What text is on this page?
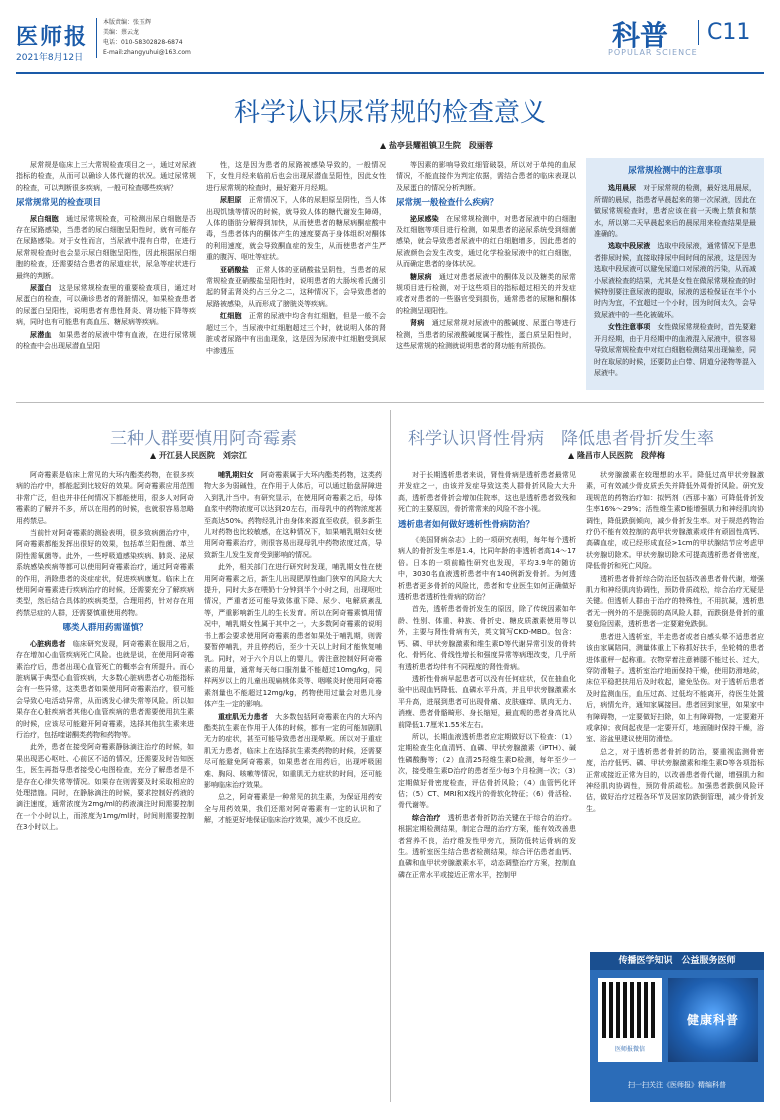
医师报
2021年8月12日
本版责编：张玉辉
美编：蔡云龙
电话：010-58302828-6874
E-mail:zhangyuhui@163.com
科普
POPULAR SCIENCE
C11
科学认识尿常规的检查意义
▲ 盐亭县耀祖镇卫生院　段丽蓉

尿常规是临床上三大常规检查项目之一，通过对尿液指标的检查，从而可以确诊人体代谢的状况。通过尿常规的检查，可以判断很多疾病，一般可检查哪些疾病？

尿常规常见的检查项目

尿白细胞　 通过尿常规检查，可检测出尿白细胞是否存在尿路感染，当患者的尿白细胞呈阳性时，就有可能存在尿路感染。对于女性而言，当尿液中混有白带，在进行尿常规检查时也会显示尿白细胞呈阳性，因此根据尿白细胞的检查，还需要结合患者的尿道症状，尿急等症状进行最终的判断。

尿蛋白　 这是尿常规检查里的重要检查项目，通过对尿蛋白的检查，可以确诊患者的肾脏情况，如果检查患者的尿蛋白呈阳性，说明患者有患性肾炎、肾功能下降等疾病，同时也有可能患有高血压、糖尿病等疾病。

尿潜血　 如果患者的尿液中带有血液，在进行尿常规的检查中会出现尿潜血呈阳

性，这是因为患者的尿路被感染导致的，一般情况下，女性月经来临前后也会出现尿潜血呈阳性，因此女性进行尿常规的检查时，最好避开月经期。

尿胆原　 正常情况下，人体的尿胆原呈阴性，当人体出现饥饿等情况的时候，就导致人体的糖代谢发生障碍，人体的脂肪分解得到加快，从而使患者的糖尿病酮症酸中毒，当患者体内的酮体产生的速度要高于身体组织对酮体的利用速度，就会导致酮血症的发生，从而使患者产生严重的腹泻、呕吐等症状。

亚硝酸盐　 正常人体的亚硝酸盐呈阴性，当患者的尿常规检查亚硝酸盐呈阳性时，说明患者的大肠埃希氏菌引起的肾盂肾炎约占三分之二，这种情况下，会导致患者的尿路被感染，从而形成了膀胱炎等疾病。

红细胞　 正常的尿液中均含有红细胞，但是一般不会超过三个，当尿液中红细胞超过三个时，就说明人体的肾脏或者尿路中有出血现象，这是因为尿液中红细胞受到尿中渗透压

等因素的影响导致红细管破裂，所以对于单纯的血尿情况，不能直接作为判定依据，需结合患者的临床表现以及尿蛋白的情况分析判断。

尿常规一般检查什么疾病？

泌尿感染　 在尿常规检测中，对患者尿液中的白细胞及红细胞等项目进行检测，如果患者的泌尿系统受到细菌感染，就会导致患者尿液中的红白细胞增多，因此患者的尿液颜色会发生改变，通过化学检验尿液中的红白细胞，从而确定患者的身体状况。

糖尿病　 通过对患者尿液中的酮体及以及糖类的尿常规项目进行检测，对于这些项目的指标超过相关的并发症或者对患者的一些器官受到损伤，通常患者的尿糖和酮体的检测呈现阳性。

肾病　 通过尿常规对尿液中的酸碱度、尿蛋白等进行检测，当患者的尿液酸碱度属于酸性，蛋白质呈阳性时，这些尿常规的检测就说明患者的肾功能有所损伤。

尿常规检测中的注意事项

选用晨尿　 对于尿常规的检测，最好选用晨尿，所谓的晨尿，指患者早晨起来的第一次尿液，因此在做尿常规检查时，患者应该在前一天晚上禁食和禁水，所以第二天早晨起来后的晨尿用来检查结果是最准确的。

选取中段尿液　 选取中段尿液，通常情况下是患者排尿时候，直接取排尿中间时间的尿液，这是因为选取中段尿液可以避免尿道口对尿液的污染，从而减小尿液检查的结果，尤其是女性在做尿常规检查的时候特别要注意尿液的提取，尿液的送检保证在半个小时内为宜，不宜超过一个小时，因为时间太久，会导致尿液中的一些化被破坏。

女性注意事项　 女性做尿常规检查时，首先要避开月经期，由于月经期中的血液混入尿液中，很容易导致尿常规检查中对红白细胞检测结果出现偏差，同时在取尿的时候，还要防止白带、阴道分泌物等混入尿液中。

三种人群要慎用阿奇霉素
▲ 开江县人民医院　刘宗江

阿奇霉素是临床上常见的大环内酯类药物，在很多疾病的治疗中，都能起到比较好的效果。阿奇霉素应用范围非常广泛，但也并非任何情况下都能使用，很多人对阿奇霉素的了解并不多，所以在用药的时候，也就很容易忽略用药禁忌。

当前针对阿奇霉素的测验表明，很多致病菌治疗中，阿奇霉素都能发挥出很好的效果，包括革兰阳性菌、革兰阴性需氧菌等。此外，一些呼吸道感染疾病、肺炎、泌尿系统感染疾病等都可以使用阿奇霉素治疗，通过阿奇霉素的作用，消除患者的炎症症状，促进疾病康复。临床上在使用阿奇霉素进行疾病治疗的时候，还需要充分了解疾病类型，然后结合具体的疾病类型，合理用药，针对存在用药禁忌症的人群，还需要慎重使用药物。

哪类人群用药需谨慎？

心脏病患者　 临床研究发现，阿奇霉素在服用之后，存在增加心血管疾病死亡风险。也就是说，在使用阿奇霉素治疗后，患者出现心血管死亡的概率会有所提升。而心脏病属于典型心血管疾病，大多数心脏病患者心功能指标会有一些异常，这类患者如果使用阿奇霉素治疗，很可能会导致心电活动异常，从而诱发心律失常等风险。所以如果存在心脏疾病者其他心血管疾病的患者需要使用抗生素的时候，应该尽可能避开阿奇霉素，选择其他抗生素来进行治疗，包括喹诺酮类药物和药物等。

此外，患者在接受阿奇霉素静脉滴注治疗的时候，如果出现恶心呕吐、心前区不适的情况，还需要及时告知医生，医生再指导患者接受心电图检查，充分了解患者是不是存在心律失常等情况。如果存在则需要及时采取相应的处理措施。同时，在静脉滴注的时候，要求控制好药液的滴注速度，通常浓度为2mg/ml的药液滴注时间需要控制在一个小时以上，而浓度为1mg/ml时，时间则需要控制在3小时以上。

哺乳期妇女　 阿奇霉素属于大环内酯类药物，这类药物大多为弱碱性，在作用于人体后，可以通过胎盘屏障进入到乳汁当中。有研究显示，在使用阿奇霉素之后，母体血浆中药物浓度可以达到20左右，而母乳中的药物浓度甚至高达50%。药物经乳汁由身体来源直至收获，很多新生儿对药物也比较敏感，在这种情况下，如果哺乳期妇女使用阿奇霉素治疗，则很容易出现母乳中药物浓度过高，导致新生儿发生发育受到影响的情况。

此外，相关部门在进行研究时发现，哺乳期女性在使用阿奇霉素之后，新生儿出现肥厚性幽门狭窄的风险大大提升，同时大多在喂奶十分钟到半个小时之间，出现呕吐情况，严重者还可能导致体重下降、尿少、电解质紊乱等，严重影响新生儿的生长发育。所以在阿奇霉素慎用情况中，哺乳期女性属于其中之一，大多数阿奇霉素的说明书上都会要求使用阿奇霉素的患者如果处于哺乳期，则需要暂停哺乳，并且停药后，至少十天以上时间才能恢复哺乳。同时，对于六个月以上的婴儿，需注意控制好阿奇霉素的用量，通常每天每口服剂量不能超过10mg/kg，同样两岁以上的儿童出现扁桃体炎等、咽喉炎时使用阿奇霉素剂量也不能超过12mg/kg，药物使用过量会对患儿身体产生一定的影响。

重症肌无力患者　 大多数包括阿奇霉素在内的大环内酯类抗生素在作用于人体的时候，都有一定的可能加剧肌无力的症状，甚至可能导致患者出现晕厥。所以对于重症肌无力患者，临床上在选择抗生素类药物的时候，还需要尽可能避免阿奇霉素，如果患者在用药后，出现呼吸困难、胸闷、咳嗽等情况，如重肌无力症状的时间，还可能影响临床治疗效果。

总之，阿奇霉素是一种常见的抗生素，为保证用药安全与用药效果，我们还需对阿奇霉素有一定的认识和了解，才能更好地保证临床治疗效果，减少不良反应。

科学认识肾性骨病　降低患者骨折发生率
▲ 隆昌市人民医院　段萍梅

对于长期透析患者来说，肾性骨病是透析患者最常见并发症之一，由该并发症导致这类人群骨折风险大大升高，透析患者骨折会增加住院率，这也是透析患者致残和死亡的主要原因，骨折常常来的风险不容小视。

透析患者如何做好透析性骨病防治？

《美国肾病杂志》上的一项研究表明，每年每个透析病人的骨折发生率是1.4，比同年龄的非透析者高14～17倍。日本的一项前瞻性研究也发现，平均3.9年的随访中，3030名血液透析患者中有140例新发骨折。为何透析患者更多骨折的风险比，患者和专业医生如何正确做好透析患者透析性骨病的防治？

首先，透析患者骨折发生的原因，除了传统因素如年龄、性别、体重、种族、骨折史、糖皮质激素使用等以外，主要与肾性骨病有关，英文简写CKD-MBD。包含：钙、磷、甲状旁腺激素和维生素D等代谢异常引发的骨转化、骨钙化、骨线性增长和强度异常等病理改变，几乎所有透析患者均伴有不同程度的肾性骨病。

透析性骨病早起患者可以没有任何症状，仅在抽血化验中出现血钙降低、血磷水平升高，并且甲状旁腺激素水平升高，进展到患者可出现骨痛、皮肤瘙痒、肌肉无力、消瘦、患者骨骼畸形、身长缩短，最直观的患者身高比从前降低1.7厘米1.55米左右。

所以，长期血液透析患者应定期做好以下检查：（1）定期检查生化血清钙、血磷、甲状旁腺激素（iPTH）、碱性磷酸酶等；（2）血清25羟维生素D检测，每年至少一次，接受维生素D治疗的患者至少每3个月检测一次；（3）定期做好骨密度检查，评估骨折风险；（4）血管钙化评估；（5）CT、MRI和X线片的骨软化特征；（6）骨活检、骨代谢等。

综合治疗　 透析患者骨折防治关键在于综合的治疗。根据定期检测结果，制定合理的治疗方案，能有效改善患者营养不良，治疗维发性甲旁亢，预防低转运骨病的发生。透析室医生结合患者检测结果，综合评估患者血钙、血磷和血甲状旁腺激素水平，动态调整治疗方案，控制血磷在正常水平或接近正常水平，控制甲

状旁腺激素在较理想的水平。降低过高甲状旁腺激素，可有效减少骨皮质丢失并降低外周骨折风险。研究发现规范的药物治疗如：拟钙剂（西那卡塞）可降低骨折发生率16%～29%；活性维生素D能增强肌力和神经肌肉协调性，降低跌倒倾向，减少骨折发生率。对于规范药物治疗仍不能有效控制的高甲状旁腺激素或伴有顽固性高钙、高磷血症，或已经形成直径>1cm的甲状腺结节应考虑甲状旁腺切除术。甲状旁腺切除术可提高透析患者骨密度，降低骨折和死亡风险。

透析患者骨折综合防治还包括改善患者骨代谢，增强肌力和神经肌肉协调性，预防骨质疏松，综合治疗无疑是关键。但透析人群由于治疗的特殊性，不用抗凝，透析患者无一例外的不是脆弱的高风险人群，而跌倒是骨折的重要危险因素，透析患者一定要避免跌倒。

患者进入透析室，半走患者或者自感头晕不适患者应该由家属陪同，测量体重上下称抓好扶手，坐轮椅的患者进体重秤一起称重。衣物穿着注意裤腿不能过长、过大，穿防滑鞋子。透析室治疗地面保持干燥，使用防滑地砖，床位平稳把扶用后及时收起，避免坠伤。对于透析后患者及时监测血压，血压过高、过低均不能离开，待医生处置后，病情允许，通知家属接回。患者回到家里，如果家中有障碍物，一定要做好扫除，如上有障碍物，一定要避开或拿掉；夜间起夜是一定要开灯，地面随时保持干燥，浴室、浴盆里建议使用防滑垫。

总之，对于透析患者骨折的防治，要重视监测骨密度，治疗低钙、磷、甲状旁腺激素和维生素D等各项指标正常或接近正常为目的，以改善患者骨代谢，增强肌力和神经肌肉协调性，预防骨质疏松。加强患者跌倒风险评估，做好治疗过程各环节及居家防跌倒管理，减少骨折发生。

传播医学知识　公益服务医师
医师报微信
健康科普
扫一扫关注《医师报》精编科普
